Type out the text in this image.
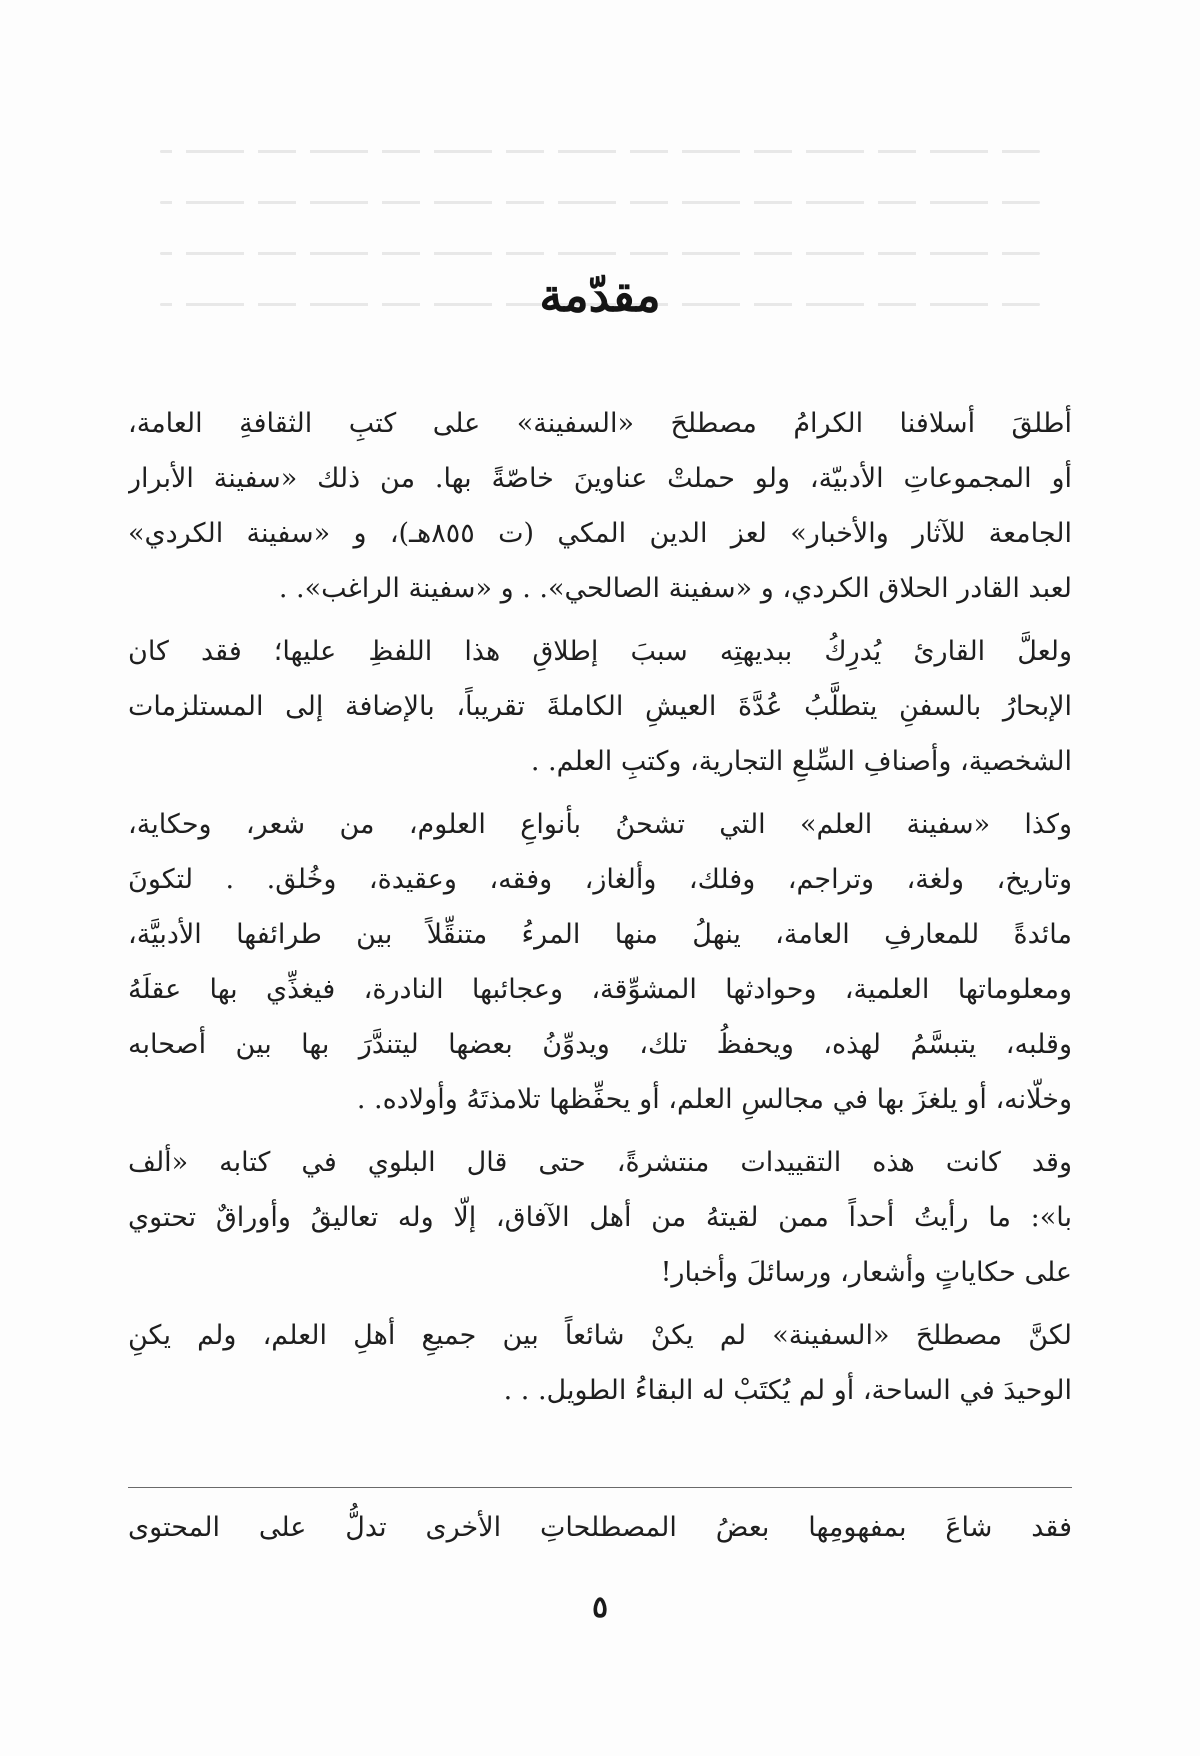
مقدّمة
أطلقَ أسلافنا الكرامُ مصطلحَ «السفينة» على كتبِ الثقافةِ العامة،
أو المجموعاتِ الأدبيّة، ولو حملتْ عناوينَ خاصّةً بها. من ذلك «سفينة الأبرار
الجامعة للآثار والأخبار» لعز الدين المكي (ت ٨٥٥هـ)، و «سفينة الكردي»
لعبد القادر الحلاق الكردي، و «سفينة الصالحي». . و «سفينة الراغب». .
ولعلَّ القارئ يُدرِكُ ببديهتِه سببَ إطلاقِ هذا اللفظِ عليها؛ فقد كان
الإبحارُ بالسفنِ يتطلَّبُ عُدَّةَ العيشِ الكاملةَ تقريباً، بالإضافة إلى المستلزمات
الشخصية، وأصنافِ السِّلعِ التجارية، وكتبِ العلم. .
وكذا «سفينة العلم» التي تشحنُ بأنواعِ العلوم، من شعر، وحكاية،
وتاريخ، ولغة، وتراجم، وفلك، وألغاز، وفقه، وعقيدة، وخُلق. . لتكونَ
مائدةً للمعارفِ العامة، ينهلُ منها المرءُ متنقِّلاً بين طرائفها الأدبيَّة،
ومعلوماتها العلمية، وحوادثها المشوِّقة، وعجائبها النادرة، فيغذِّي بها عقلَهُ
وقلبه، يتبسَّمُ لهذه، ويحفظُ تلك، ويدوِّنُ بعضها ليتندَّرَ بها بين أصحابه
وخلّانه، أو يلغزَ بها في مجالسِ العلم، أو يحفِّظها تلامذتَهُ وأولاده. .
وقد كانت هذه التقييدات منتشرةً، حتى قال البلوي في كتابه «ألف
با»: ما رأيتُ أحداً ممن لقيتهُ من أهل الآفاق، إلّا وله تعاليقُ وأوراقٌ تحتوي
على حكاياتٍ وأشعار، ورسائلَ وأخبار!
لكنَّ مصطلحَ «السفينة» لم يكنْ شائعاً بين جميعِ أهلِ العلم، ولم يكنِ
الوحيدَ في الساحة، أو لم يُكتَبْ له البقاءُ الطويل. . .
فقد شاعَ بمفهومِها بعضُ المصطلحاتِ الأخرى تدلُّ على المحتوى
٥
